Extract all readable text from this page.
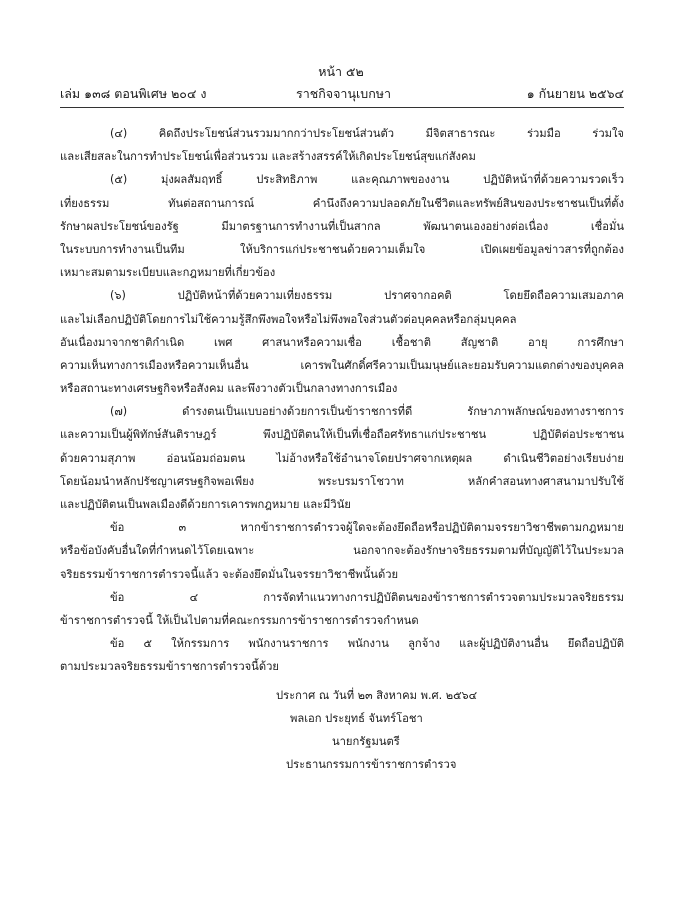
หน้า ๕๒
เล่ม ๑๓๘ ตอนพิเศษ ๒๐๔ ง	ราชกิจจานุเบกษา	๑ กันยายน ๒๕๖๔
(๔) คิดถึงประโยชน์ส่วนรวมมากกว่าประโยชน์ส่วนตัว มีจิตสาธารณะ ร่วมมือ ร่วมใจ
และเสียสละในการทำประโยชน์เพื่อส่วนรวม และสร้างสรรค์ให้เกิดประโยชน์สุขแก่สังคม
(๕) มุ่งผลสัมฤทธิ์ ประสิทธิภาพ และคุณภาพของงาน ปฏิบัติหน้าที่ด้วยความรวดเร็ว
เที่ยงธรรม ทันต่อสถานการณ์ คำนึงถึงความปลอดภัยในชีวิตและทรัพย์สินของประชาชนเป็นที่ตั้ง
รักษาผลประโยชน์ของรัฐ มีมาตรฐานการทำงานที่เป็นสากล พัฒนาตนเองอย่างต่อเนื่อง เชื่อมั่น
ในระบบการทำงานเป็นทีม ให้บริการแก่ประชาชนด้วยความเต็มใจ เปิดเผยข้อมูลข่าวสารที่ถูกต้อง
เหมาะสมตามระเบียบและกฎหมายที่เกี่ยวข้อง
(๖) ปฏิบัติหน้าที่ด้วยความเที่ยงธรรม ปราศจากอคติ โดยยึดถือความเสมอภาค
และไม่เลือกปฏิบัติโดยการไม่ใช้ความรู้สึกพึงพอใจหรือไม่พึงพอใจส่วนตัวต่อบุคคลหรือกลุ่มบุคคล
อันเนื่องมาจากชาติกำเนิด เพศ ศาสนาหรือความเชื่อ เชื้อชาติ สัญชาติ อายุ การศึกษา
ความเห็นทางการเมืองหรือความเห็นอื่น เคารพในศักดิ์ศรีความเป็นมนุษย์และยอมรับความแตกต่างของบุคคล
หรือสถานะทางเศรษฐกิจหรือสังคม และพึงวางตัวเป็นกลางทางการเมือง
(๗) ดำรงตนเป็นแบบอย่างด้วยการเป็นข้าราชการที่ดี รักษาภาพลักษณ์ของทางราชการ
และความเป็นผู้พิทักษ์สันติราษฎร์ พึงปฏิบัติตนให้เป็นที่เชื่อถือศรัทธาแก่ประชาชน ปฏิบัติต่อประชาชน
ด้วยความสุภาพ อ่อนน้อมถ่อมตน ไม่อ้างหรือใช้อำนาจโดยปราศจากเหตุผล ดำเนินชีวิตอย่างเรียบง่าย
โดยน้อมนำหลักปรัชญาเศรษฐกิจพอเพียง พระบรมราโชวาท หลักคำสอนทางศาสนามาปรับใช้
และปฏิบัติตนเป็นพลเมืองดีด้วยการเคารพกฎหมาย และมีวินัย
ข้อ ๓ หากข้าราชการตำรวจผู้ใดจะต้องยึดถือหรือปฏิบัติตามจรรยาวิชาชีพตามกฎหมาย
หรือข้อบังคับอื่นใดที่กำหนดไว้โดยเฉพาะ นอกจากจะต้องรักษาจริยธรรมตามที่บัญญัติไว้ในประมวล
จริยธรรมข้าราชการตำรวจนี้แล้ว จะต้องยึดมั่นในจรรยาวิชาชีพนั้นด้วย
ข้อ ๔ การจัดทำแนวทางการปฏิบัติตนของข้าราชการตำรวจตามประมวลจริยธรรม
ข้าราชการตำรวจนี้ ให้เป็นไปตามที่คณะกรรมการข้าราชการตำรวจกำหนด
ข้อ ๕ ให้กรรมการ พนักงานราชการ พนักงาน ลูกจ้าง และผู้ปฏิบัติงานอื่น ยึดถือปฏิบัติ
ตามประมวลจริยธรรมข้าราชการตำรวจนี้ด้วย
ประกาศ ณ วันที่ ๒๓ สิงหาคม พ.ศ. ๒๕๖๔
พลเอก ประยุทธ์ จันทร์โอชา
นายกรัฐมนตรี
ประธานกรรมการข้าราชการตำรวจ
